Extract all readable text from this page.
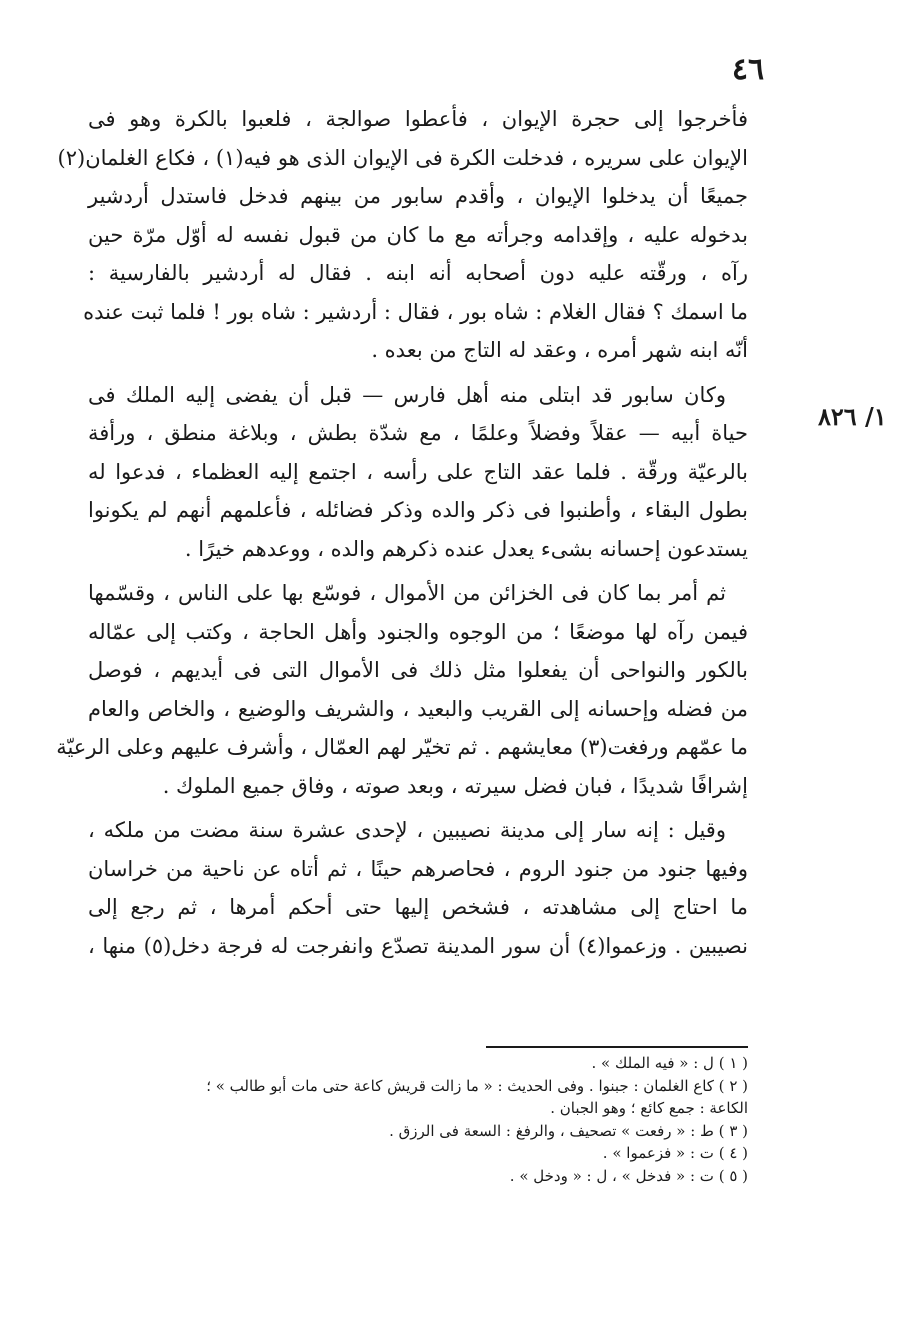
٤٦
١/ ٨٢٦

فأخرجوا إلى حجرة الإيوان ، فأعطوا صوالجة ، فلعبوا بالكرة وهو فى
الإيوان على سريره ، فدخلت الكرة فى الإيوان الذى هو فيه(١) ، فكاع الغلمان(٢)
جميعًا أن يدخلوا الإيوان ، وأقدم سابور من بينهم فدخل فاستدل أردشير
بدخوله عليه ، وإقدامه وجرأته مع ما كان من قبول نفسه له أوّل مرّة حين
رآه ، ورقّته عليه دون أصحابه أنه ابنه . فقال له أردشير بالفارسية :
ما اسمك ؟ فقال الغلام : شاه بور ، فقال : أردشير : شاه بور ! فلما ثبت عنده
أنّه ابنه شهر أمره ، وعقد له التاج من بعده .

وكان سابور قد ابتلى منه أهل فارس — قبل أن يفضى إليه الملك فى
حياة أبيه — عقلاً وفضلاً وعلمًا ، مع شدّة بطش ، وبلاغة منطق ، ورأفة
بالرعيّة ورقّة . فلما عقد التاج على رأسه ، اجتمع إليه العظماء ، فدعوا له
بطول البقاء ، وأطنبوا فى ذكر والده وذكر فضائله ، فأعلمهم أنهم لم يكونوا
يستدعون إحسانه بشىء يعدل عنده ذكرهم والده ، ووعدهم خيرًا .

ثم أمر بما كان فى الخزائن من الأموال ، فوسّع بها على الناس ، وقسّمها
فيمن رآه لها موضعًا ؛ من الوجوه والجنود وأهل الحاجة ، وكتب إلى عمّاله
بالكور والنواحى أن يفعلوا مثل ذلك فى الأموال التى فى أيديهم ، فوصل
من فضله وإحسانه إلى القريب والبعيد ، والشريف والوضيع ، والخاص والعام
ما عمّهم ورفغت(٣) معايشهم . ثم تخيّر لهم العمّال ، وأشرف عليهم وعلى الرعيّة
إشرافًا شديدًا ، فبان فضل سيرته ، وبعد صوته ، وفاق جميع الملوك .

وقيل : إنه سار إلى مدينة نصيبين ، لإحدى عشرة سنة مضت من ملكه ،
وفيها جنود من جنود الروم ، فحاصرهم حينًا ، ثم أتاه عن ناحية من خراسان
ما احتاج إلى مشاهدته ، فشخص إليها حتى أحكم أمرها ، ثم رجع إلى
نصيبين . وزعموا(٤) أن سور المدينة تصدّع وانفرجت له فرجة دخل(٥) منها ،

( ١ ) ل : « فيه الملك » .
( ٢ ) كاع الغلمان : جبنوا . وفى الحديث : « ما زالت قريش كاعة حتى مات أبو طالب » ؛
الكاعة : جمع كائع ؛ وهو الجبان .
( ٣ ) ط : « رفعت » تصحيف ، والرفغ : السعة فى الرزق .
( ٤ ) ت : « فزعموا » .
( ٥ ) ت : « فدخل » ، ل : « ودخل » .
